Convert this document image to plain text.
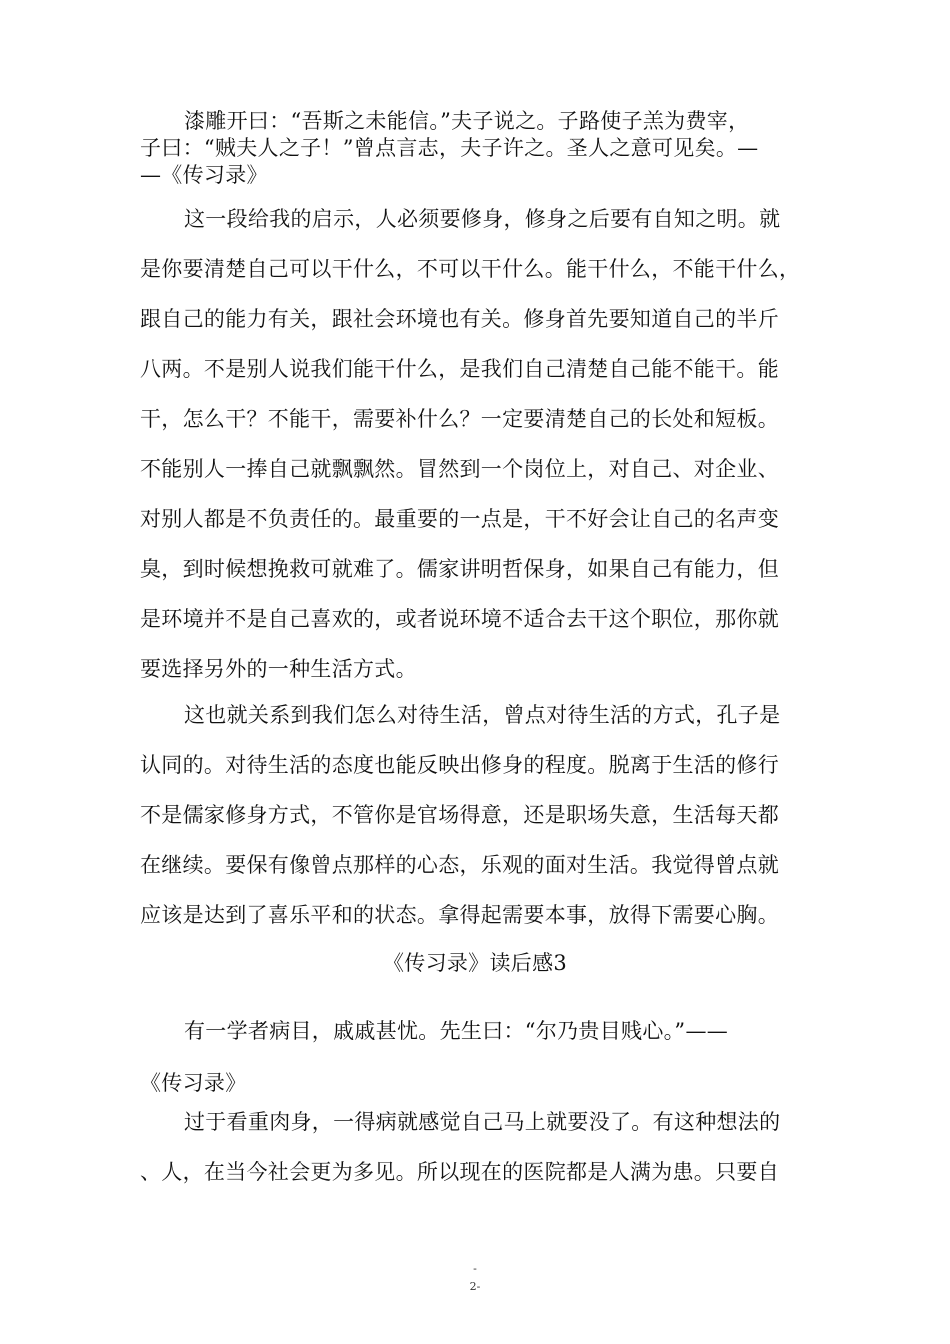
漆雕开曰：“吾斯之未能信。”夫子说之。子路使子羔为费宰，
子曰：“贼夫人之子！”曾点言志，夫子许之。圣人之意可见矣。—
—《传习录》
这一段给我的启示，人必须要修身，修身之后要有自知之明。就
是你要清楚自己可以干什么，不可以干什么。能干什么，不能干什么，
跟自己的能力有关，跟社会环境也有关。修身首先要知道自己的半斤
八两。不是别人说我们能干什么，是我们自己清楚自己能不能干。能
干，怎么干？不能干，需要补什么？一定要清楚自己的长处和短板。
不能别人一捧自己就飘飘然。冒然到一个岗位上，对自己、对企业、
对别人都是不负责任的。最重要的一点是，干不好会让自己的名声变
臭，到时候想挽救可就难了。儒家讲明哲保身，如果自己有能力，但
是环境并不是自己喜欢的，或者说环境不适合去干这个职位，那你就
要选择另外的一种生活方式。
这也就关系到我们怎么对待生活，曾点对待生活的方式，孔子是
认同的。对待生活的态度也能反映出修身的程度。脱离于生活的修行
不是儒家修身方式，不管你是官场得意，还是职场失意，生活每天都
在继续。要保有像曾点那样的心态，乐观的面对生活。我觉得曾点就
应该是达到了喜乐平和的状态。拿得起需要本事，放得下需要心胸。
《传习录》读后感3
有一学者病目，戚戚甚忧。先生曰：“尔乃贵目贱心。”——
《传习录》
过于看重肉身，一得病就感觉自己马上就要没了。有这种想法的
、人，在当今社会更为多见。所以现在的医院都是人满为患。只要自
-
2-
